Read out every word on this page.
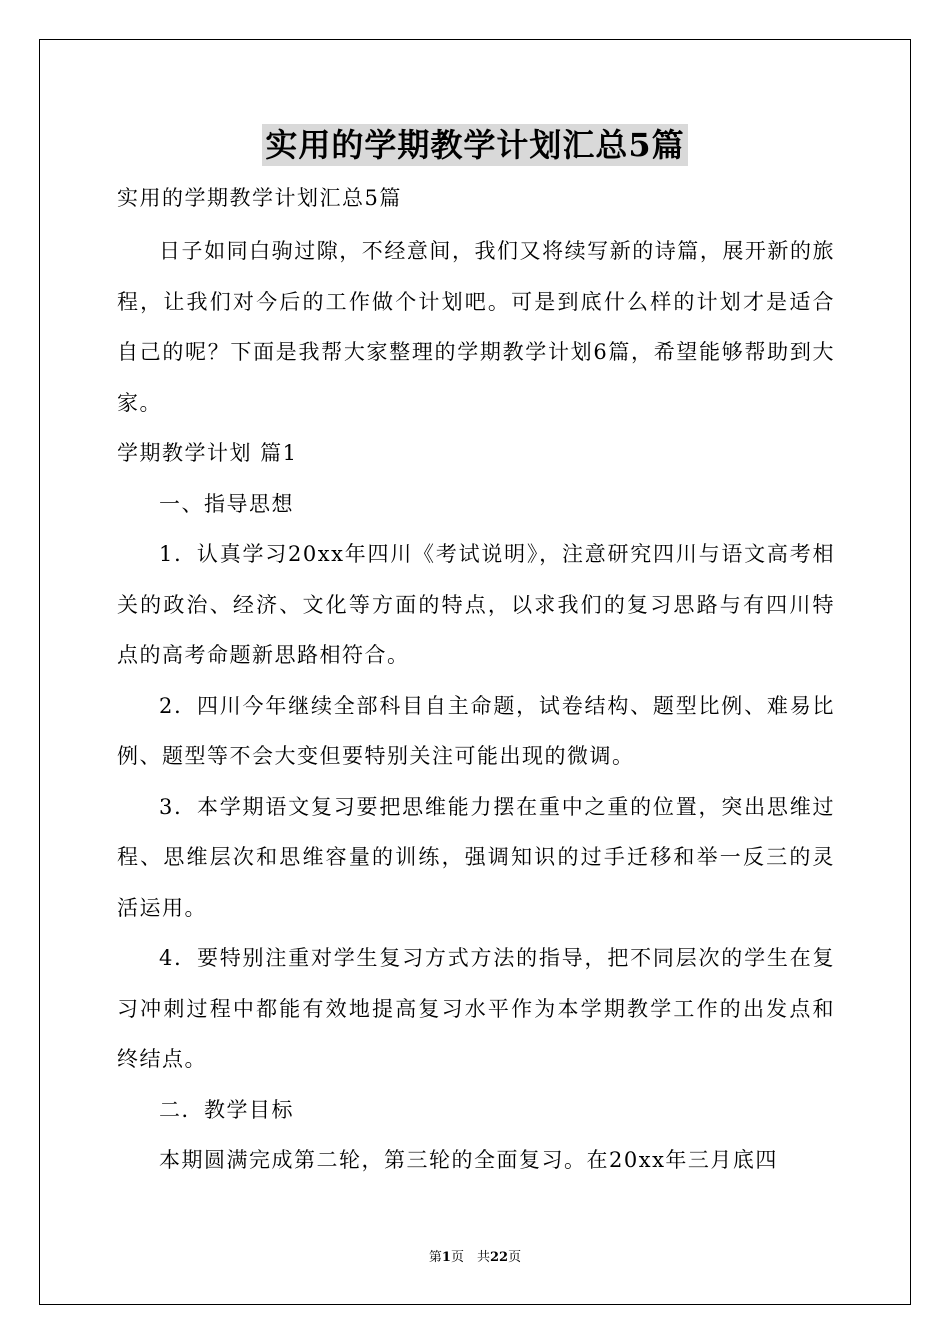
实用的学期教学计划汇总5篇

实用的学期教学计划汇总5篇

日子如同白驹过隙，不经意间，我们又将续写新的诗篇，展开新的旅程，让我们对今后的工作做个计划吧。可是到底什么样的计划才是适合自己的呢？下面是我帮大家整理的学期教学计划6篇，希望能够帮助到大家。

学期教学计划 篇1

一、指导思想

1．认真学习20xx年四川《考试说明》，注意研究四川与语文高考相关的政治、经济、文化等方面的特点，以求我们的复习思路与有四川特点的高考命题新思路相符合。

2．四川今年继续全部科目自主命题，试卷结构、题型比例、难易比例、题型等不会大变但要特别关注可能出现的微调。

3．本学期语文复习要把思维能力摆在重中之重的位置，突出思维过程、思维层次和思维容量的训练，强调知识的过手迁移和举一反三的灵活运用。

4．要特别注重对学生复习方式方法的指导，把不同层次的学生在复习冲刺过程中都能有效地提高复习水平作为本学期教学工作的出发点和终结点。

二．教学目标

本期圆满完成第二轮，第三轮的全面复习。在20xx年三月底四

第1页　共22页
